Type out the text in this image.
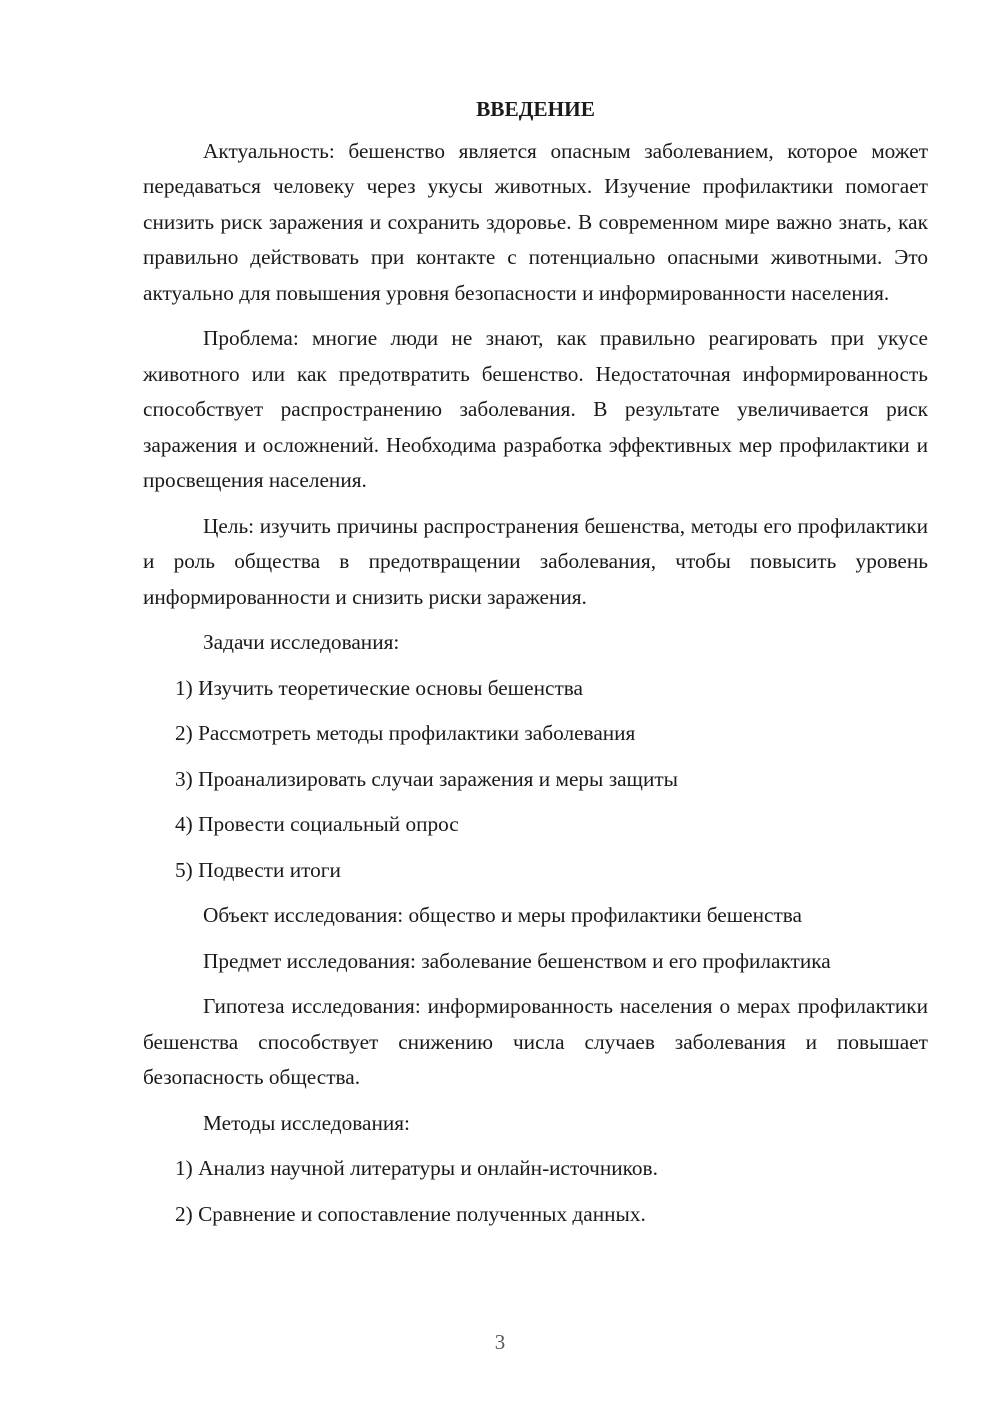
ВВЕДЕНИЕ

Актуальность: бешенство является опасным заболеванием, которое может передаваться человеку через укусы животных. Изучение профилактики помогает снизить риск заражения и сохранить здоровье. В современном мире важно знать, как правильно действовать при контакте с потенциально опасными животными. Это актуально для повышения уровня безопасности и информированности населения.

Проблема: многие люди не знают, как правильно реагировать при укусе животного или как предотвратить бешенство. Недостаточная информированность способствует распространению заболевания. В результате увеличивается риск заражения и осложнений. Необходима разработка эффективных мер профилактики и просвещения населения.

Цель: изучить причины распространения бешенства, методы его профилактики и роль общества в предотвращении заболевания, чтобы повысить уровень информированности и снизить риски заражения.

Задачи исследования:

1) Изучить теоретические основы бешенства

2) Рассмотреть методы профилактики заболевания

3) Проанализировать случаи заражения и меры защиты

4) Провести социальный опрос

5) Подвести итоги

Объект исследования: общество и меры профилактики бешенства

Предмет исследования: заболевание бешенством и его профилактика

Гипотеза исследования: информированность населения о мерах профилактики бешенства способствует снижению числа случаев заболевания и повышает безопасность общества.

Методы исследования:

1) Анализ научной литературы и онлайн-источников.

2) Сравнение и сопоставление полученных данных.

3
